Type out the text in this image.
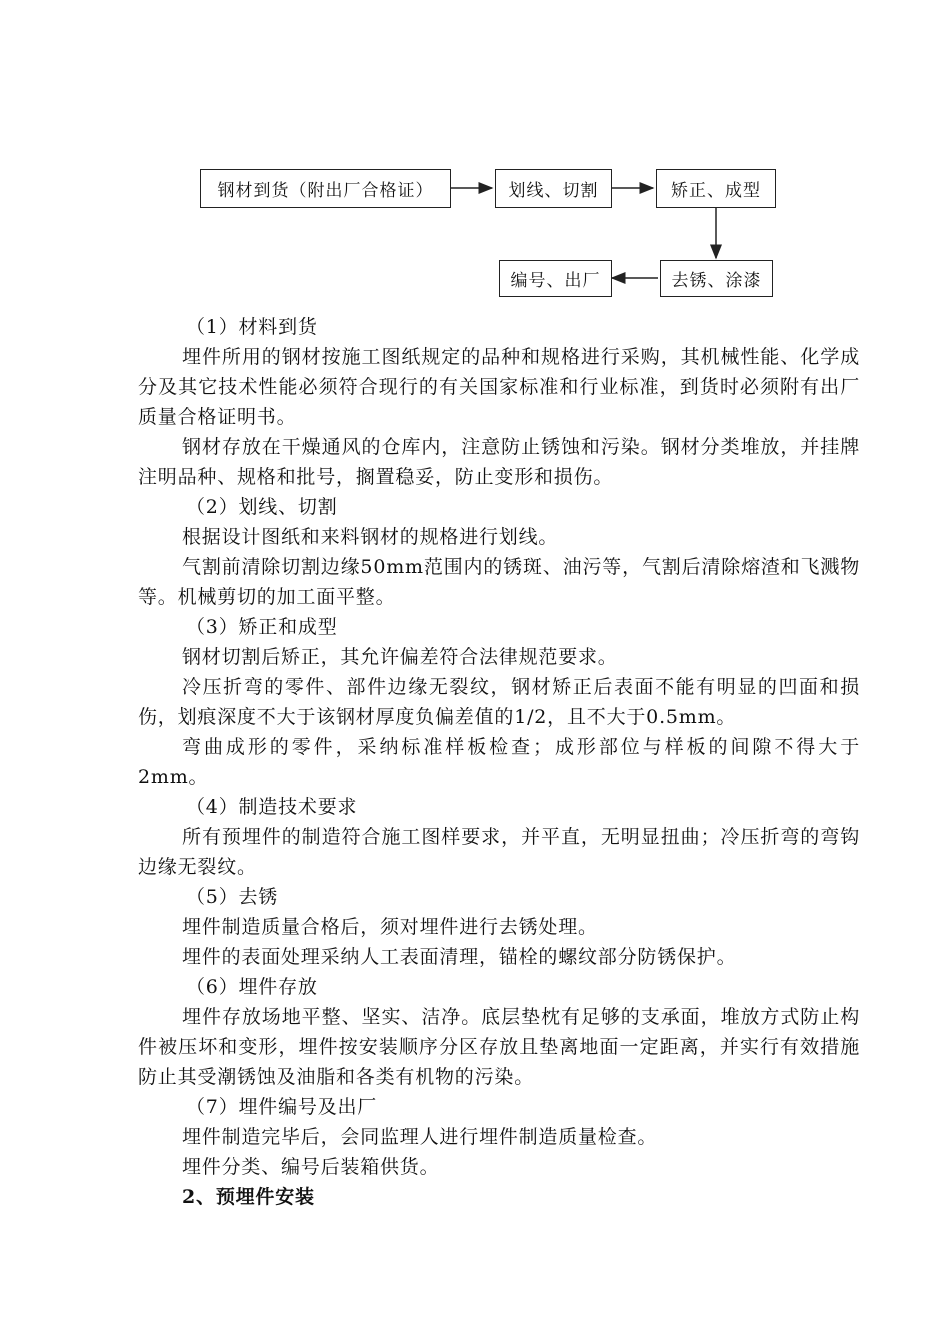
钢材到货（附出厂合格证）	划线、切割	矫正、成型
去锈、涂漆
编号、出厂

（1）材料到货

埋件所用的钢材按施工图纸规定的品种和规格进行采购，其机械性能、化学成分及其它技术性能必须符合现行的有关国家标准和行业标准，到货时必须附有出厂质量合格证明书。

钢材存放在干燥通风的仓库内，注意防止锈蚀和污染。钢材分类堆放，并挂牌注明品种、规格和批号，搁置稳妥，防止变形和损伤。

（2）划线、切割

根据设计图纸和来料钢材的规格进行划线。

气割前清除切割边缘50mm范围内的锈斑、油污等，气割后清除熔渣和飞溅物等。机械剪切的加工面平整。

（3）矫正和成型

钢材切割后矫正，其允许偏差符合法律规范要求。

冷压折弯的零件、部件边缘无裂纹，钢材矫正后表面不能有明显的凹面和损伤，划痕深度不大于该钢材厚度负偏差值的1/2，且不大于0.5mm。

弯曲成形的零件，采纳标准样板检查；成形部位与样板的间隙不得大于2mm。

（4）制造技术要求

所有预埋件的制造符合施工图样要求，并平直，无明显扭曲；冷压折弯的弯钩边缘无裂纹。

（5）去锈

埋件制造质量合格后，须对埋件进行去锈处理。

埋件的表面处理采纳人工表面清理，锚栓的螺纹部分防锈保护。

（6）埋件存放

埋件存放场地平整、坚实、洁净。底层垫枕有足够的支承面，堆放方式防止构件被压坏和变形，埋件按安装顺序分区存放且垫离地面一定距离，并实行有效措施防止其受潮锈蚀及油脂和各类有机物的污染。

（7）埋件编号及出厂

埋件制造完毕后，会同监理人进行埋件制造质量检查。

埋件分类、编号后装箱供货。

2、预埋件安装
